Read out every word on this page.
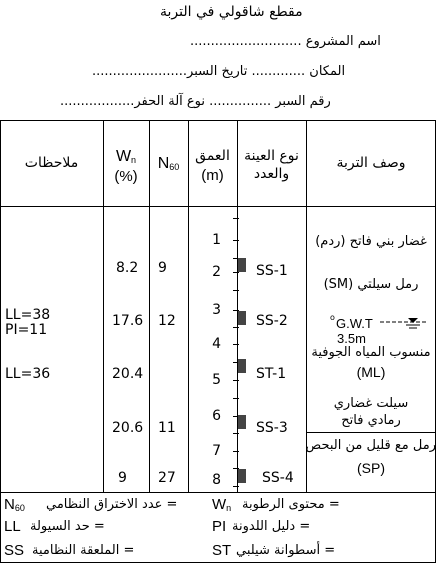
مقطع شاقولي في التربة
اسم المشروع ...........................
المكان ............. تاريخ السبر.......................
رقم السبر ............... نوع آلة الحفر..................
وصف التربة
نوع العينة
والعدد
العمق
(m)
$N_{60}$
$W_n$
(%)
ملاحظات
1
2
3
4
5
6
7
8
SS-1
SS-2
ST-1
SS-3
SS-4
9
12
11
27
8.2
17.6
20.4
20.6
9
LL=38
PI=11
LL=36
غضار بني فاتح (ردم)
رمل سيلتي (SM)
o G.W.T
3.5m
منسوب المياه الجوفية
(ML)
سيلت غضاري
رمادي فاتح
رمل مع قليل من البحص
(SP)
$N_{60}$ = عدد الاختراق النظامي $W_n$ = محتوى الرطوبة
LL = حد السيولة	PI = دليل اللدونة
SS = الملعقة النظامية	ST = أسطوانة شيلبي
